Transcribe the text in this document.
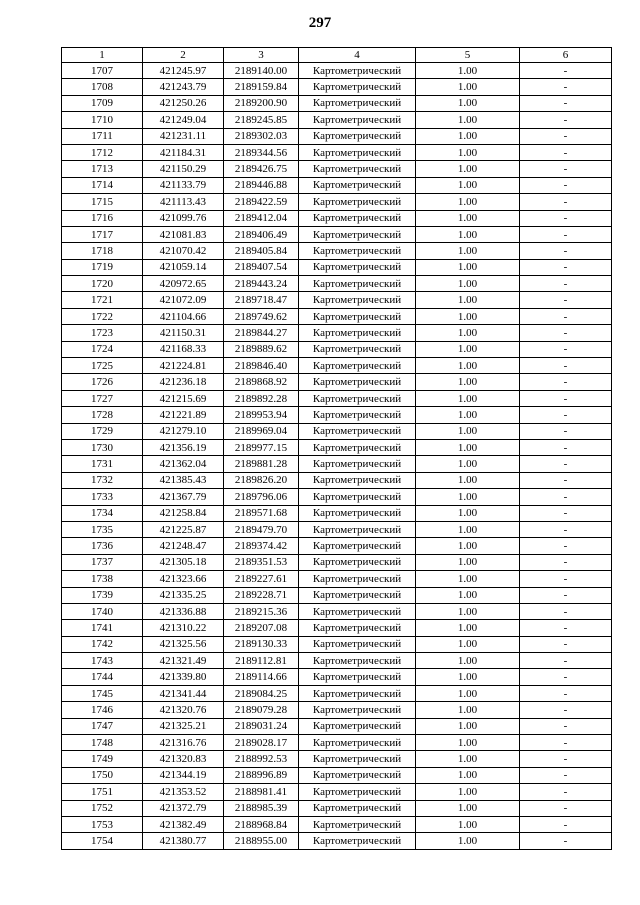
297
1	2	3	4	5	6
1707	421245.97	2189140.00	Картометрический	1.00	-
1708	421243.79	2189159.84	Картометрический	1.00	-
1709	421250.26	2189200.90	Картометрический	1.00	-
1710	421249.04	2189245.85	Картометрический	1.00	-
1711	421231.11	2189302.03	Картометрический	1.00	-
1712	421184.31	2189344.56	Картометрический	1.00	-
1713	421150.29	2189426.75	Картометрический	1.00	-
1714	421133.79	2189446.88	Картометрический	1.00	-
1715	421113.43	2189422.59	Картометрический	1.00	-
1716	421099.76	2189412.04	Картометрический	1.00	-
1717	421081.83	2189406.49	Картометрический	1.00	-
1718	421070.42	2189405.84	Картометрический	1.00	-
1719	421059.14	2189407.54	Картометрический	1.00	-
1720	420972.65	2189443.24	Картометрический	1.00	-
1721	421072.09	2189718.47	Картометрический	1.00	-
1722	421104.66	2189749.62	Картометрический	1.00	-
1723	421150.31	2189844.27	Картометрический	1.00	-
1724	421168.33	2189889.62	Картометрический	1.00	-
1725	421224.81	2189846.40	Картометрический	1.00	-
1726	421236.18	2189868.92	Картометрический	1.00	-
1727	421215.69	2189892.28	Картометрический	1.00	-
1728	421221.89	2189953.94	Картометрический	1.00	-
1729	421279.10	2189969.04	Картометрический	1.00	-
1730	421356.19	2189977.15	Картометрический	1.00	-
1731	421362.04	2189881.28	Картометрический	1.00	-
1732	421385.43	2189826.20	Картометрический	1.00	-
1733	421367.79	2189796.06	Картометрический	1.00	-
1734	421258.84	2189571.68	Картометрический	1.00	-
1735	421225.87	2189479.70	Картометрический	1.00	-
1736	421248.47	2189374.42	Картометрический	1.00	-
1737	421305.18	2189351.53	Картометрический	1.00	-
1738	421323.66	2189227.61	Картометрический	1.00	-
1739	421335.25	2189228.71	Картометрический	1.00	-
1740	421336.88	2189215.36	Картометрический	1.00	-
1741	421310.22	2189207.08	Картометрический	1.00	-
1742	421325.56	2189130.33	Картометрический	1.00	-
1743	421321.49	2189112.81	Картометрический	1.00	-
1744	421339.80	2189114.66	Картометрический	1.00	-
1745	421341.44	2189084.25	Картометрический	1.00	-
1746	421320.76	2189079.28	Картометрический	1.00	-
1747	421325.21	2189031.24	Картометрический	1.00	-
1748	421316.76	2189028.17	Картометрический	1.00	-
1749	421320.83	2188992.53	Картометрический	1.00	-
1750	421344.19	2188996.89	Картометрический	1.00	-
1751	421353.52	2188981.41	Картометрический	1.00	-
1752	421372.79	2188985.39	Картометрический	1.00	-
1753	421382.49	2188968.84	Картометрический	1.00	-
1754	421380.77	2188955.00	Картометрический	1.00	-
